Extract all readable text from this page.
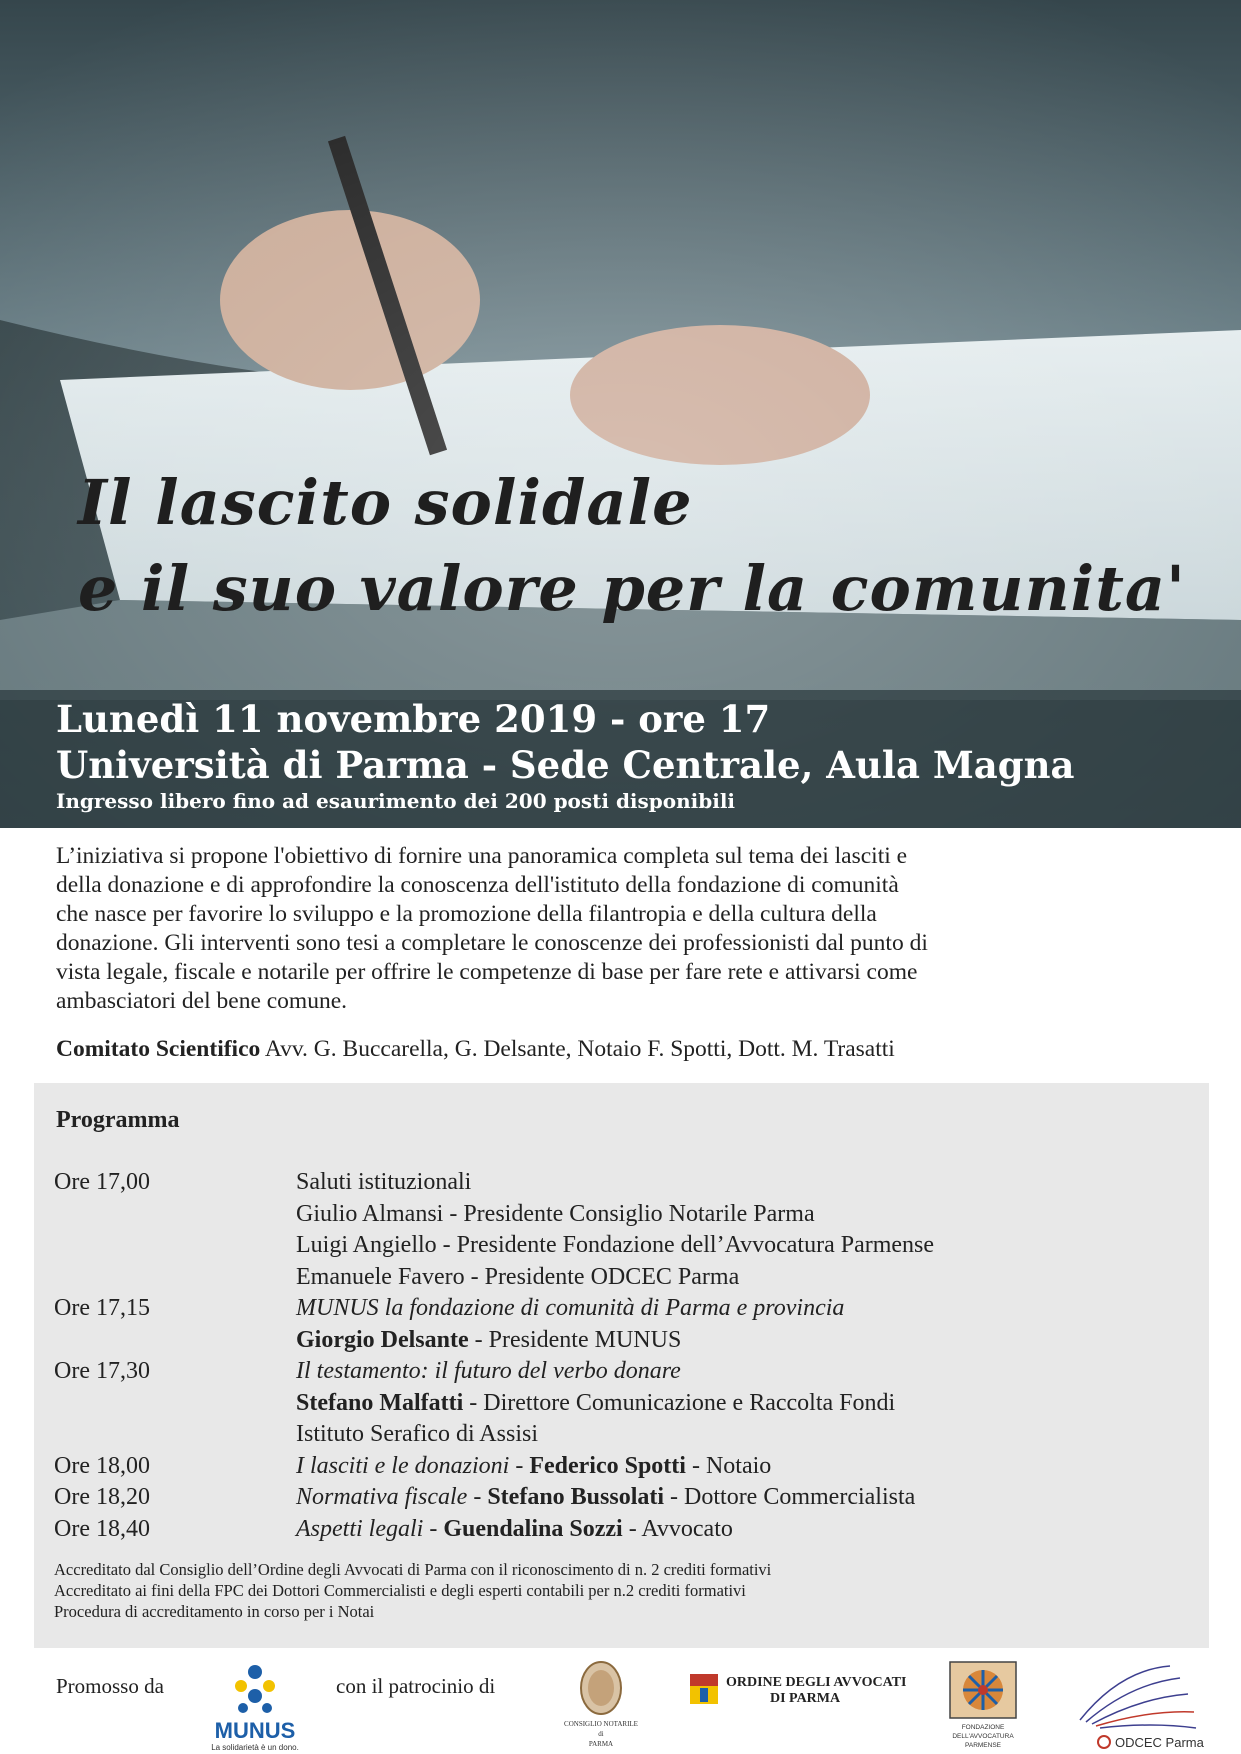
Il lascito solidale
e il suo valore per la comunita'
Lunedì 11 novembre 2019 - ore 17
Università di Parma - Sede Centrale, Aula Magna
Ingresso libero fino ad esaurimento dei 200 posti disponibili
L’iniziativa si propone l'obiettivo di fornire una panoramica completa sul tema dei lasciti e
della donazione e di approfondire la conoscenza dell'istituto della fondazione di comunità
che nasce per favorire lo sviluppo e la promozione della filantropia e della cultura della
donazione. Gli interventi sono tesi a completare le conoscenze dei professionisti dal punto di
vista legale, fiscale e notarile per offrire le competenze di base per fare rete e attivarsi come
ambasciatori del bene comune.
Comitato Scientifico Avv. G. Buccarella, G. Delsante, Notaio F. Spotti, Dott. M. Trasatti
Programma
Ore 17,00	Saluti istituzionali
Giulio Almansi - Presidente Consiglio Notarile Parma
Luigi Angiello - Presidente Fondazione dell’Avvocatura Parmense
Emanuele Favero - Presidente ODCEC Parma
Ore 17,15	MUNUS la fondazione di comunità di Parma e provincia
Giorgio Delsante - Presidente MUNUS
Ore 17,30	Il testamento: il futuro del verbo donare
Stefano Malfatti - Direttore Comunicazione e Raccolta Fondi
Istituto Serafico di Assisi
Ore 18,00	I lasciti e le donazioni - Federico Spotti - Notaio
Ore 18,20	Normativa fiscale - Stefano Bussolati - Dottore Commercialista
Ore 18,40	Aspetti legali - Guendalina Sozzi - Avvocato
Accreditato dal Consiglio dell’Ordine degli Avvocati di Parma con il riconoscimento di n. 2 crediti formativi
Accreditato ai fini della FPC dei Dottori Commercialisti e degli esperti contabili per n.2 crediti formativi
Procedura di accreditamento in corso per i Notai
Promosso da
MUNUS
La solidarietà è un dono.
con il patrocinio di
CONSIGLIO NOTARILE
di
PARMA
ORDINE DEGLI AVVOCATI
DI PARMA
FONDAZIONE
DELL'AVVOCATURA
PARMENSE	ODCEC Parma
